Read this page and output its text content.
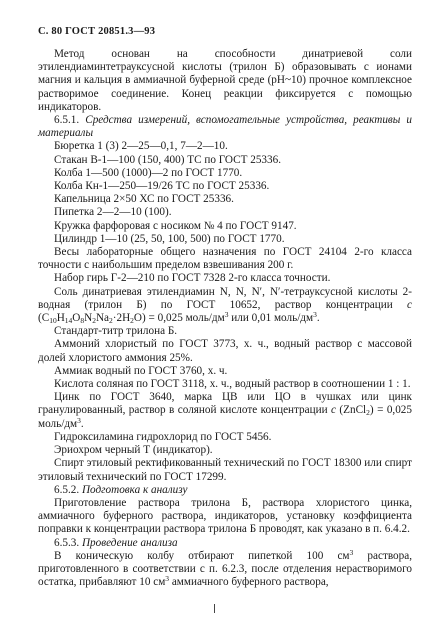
С. 80 ГОСТ 20851.3—93

Метод основан на способности динатриевой соли этилендиаминтетрауксусной кислоты (трилон Б) образовывать с ионами магния и кальция в аммиачной буферной среде (рН~10) прочное комплексное растворимое соединение. Конец реакции фиксируется с помощью индикаторов.

6.5.1. Средства измерений, вспомогательные устройства, реактивы и материалы

Бюретка 1 (3) 2—25—0,1, 7—2—10.

Стакан В-1—100 (150, 400) ТС по ГОСТ 25336.

Колба 1—500 (1000)—2 по ГОСТ 1770.

Колба Кн-1—250—19/26 ТС по ГОСТ 25336.

Капельница 2×50 ХС по ГОСТ 25336.

Пипетка 2—2—10 (100).

Кружка фарфоровая с носиком № 4 по ГОСТ 9147.

Цилиндр 1—10 (25, 50, 100, 500) по ГОСТ 1770.

Весы лабораторные общего назначения по ГОСТ 24104 2-го класса точности с наибольшим пределом взвешивания 200 г.

Набор гирь Г-2—210 по ГОСТ 7328 2-го класса точности.

Соль динатриевая этилендиамин N, N, N′, N′-тетрауксусной кислоты 2-водная (трилон Б) по ГОСТ 10652, раствор концентрации c $(C_{10}H_{14}O_8N_2Na_2\cdot 2H_2O) = 0,025$ моль/$дм^3$ или 0,01 моль/$дм^3$.

Стандарт-титр трилона Б.

Аммоний хлористый по ГОСТ 3773, х. ч., водный раствор с массовой долей хлористого аммония 25%.

Аммиак водный по ГОСТ 3760, х. ч.

Кислота соляная по ГОСТ 3118, х. ч., водный раствор в соотношении 1 : 1.

Цинк по ГОСТ 3640, марка ЦВ или ЦО в чушках или цинк гранулированный, раствор в соляной кислоте концентрации c (ZnCl$_2$) = 0,025 моль/$дм^3$.

Гидроксиламина гидрохлорид по ГОСТ 5456.

Эриохром черный Т (индикатор).

Спирт этиловый ректификованный технический по ГОСТ 18300 или спирт этиловый технический по ГОСТ 17299.

6.5.2. Подготовка к анализу

Приготовление раствора трилона Б, раствора хлористого цинка, аммиачного буферного раствора, индикаторов, установку коэффициента поправки к концентрации раствора трилона Б проводят, как указано в п. 6.4.2.

6.5.3. Проведение анализа

В коническую колбу отбирают пипеткой 100 $см^3$ раствора, приготовленного в соответствии с п. 6.2.3, после отделения нерастворимого остатка, прибавляют 10 $см^3$ аммиачного буферного раствора,
